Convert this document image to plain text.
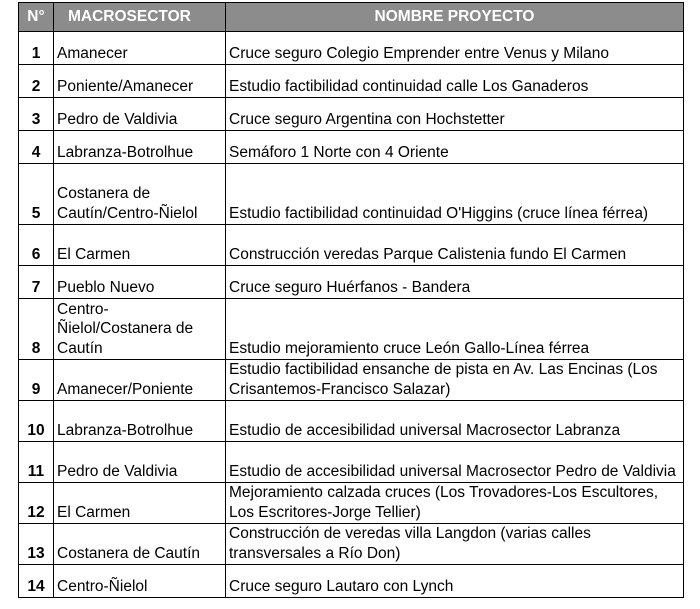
N°	MACROSECTOR	NOMBRE PROYECTO
1	Amanecer	Cruce seguro Colegio Emprender entre Venus y Milano
2	Poniente/Amanecer	Estudio factibilidad continuidad calle Los Ganaderos
3	Pedro de Valdivia	Cruce seguro Argentina con Hochstetter
4	Labranza-Botrolhue	Semáforo 1 Norte con 4 Oriente
5	Costanera de Cautín/Centro-Ñielol	Estudio factibilidad continuidad O'Higgins (cruce línea férrea)
6	El Carmen	Construcción veredas Parque Calistenia fundo El Carmen
7	Pueblo Nuevo	Cruce seguro Huérfanos - Bandera
8	Centro-Ñielol/Costanera de Cautín	Estudio mejoramiento cruce León Gallo-Línea férrea
9	Amanecer/Poniente	Estudio factibilidad ensanche de pista en Av. Las Encinas (Los Crisantemos-Francisco Salazar)
10	Labranza-Botrolhue	Estudio de accesibilidad universal Macrosector Labranza
11	Pedro de Valdivia	Estudio de accesibilidad universal Macrosector Pedro de Valdivia
12	El Carmen	Mejoramiento calzada cruces (Los Trovadores-Los Escultores, Los Escritores-Jorge Tellier)
13	Costanera de Cautín	Construcción de veredas villa Langdon (varias calles transversales a Río Don)
14	Centro-Ñielol	Cruce seguro Lautaro con Lynch
